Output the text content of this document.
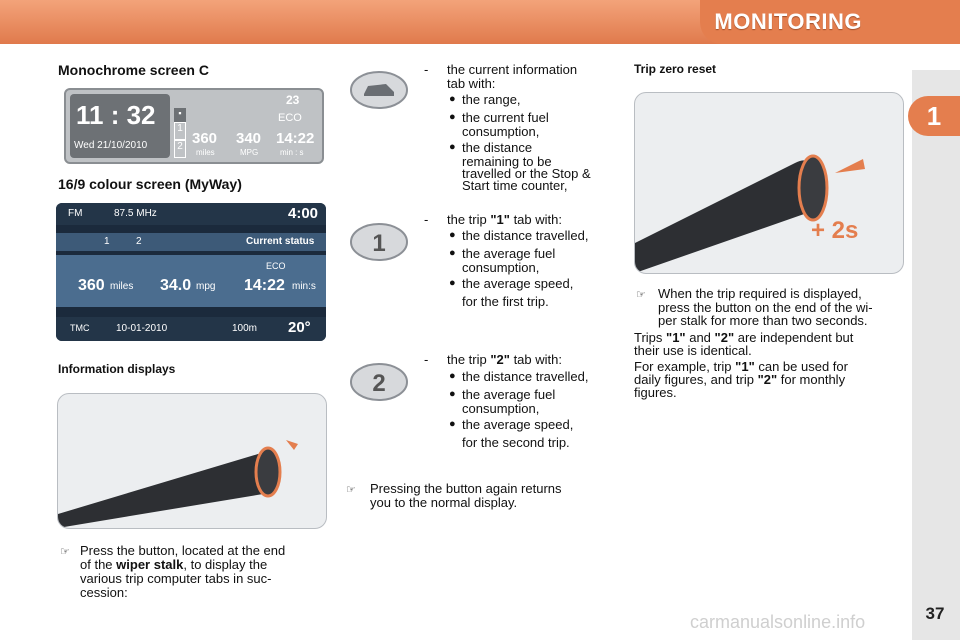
MONITORING
1
37
Monochrome screen C
11 : 32
Wed 21/10/2010
23
▪
1
2
ECO
360
miles
340
MPG
14:22
min : s
16/9 colour screen (MyWay)
FM	87.5 MHz	4:00
1	2	Current status
ECO
360 miles 34.0 mpg 14:22 min:s
TMC	10-01-2010	100m 20°
Information displays
☞ Press the button, located at the end
of the wiper stalk, to display the
various trip computer tabs in suc-
cession:
- the current information
tab with:
● the range,
● the current fuel
consumption,
● the distance
remaining to be
travelled or the Stop &
Start time counter,
1
- the trip "1" tab with:
● the distance travelled,
● the average fuel
consumption,
● the average speed,
for the first trip.
2
- the trip "2" tab with:
● the distance travelled,
● the average fuel
consumption,
● the average speed,
for the second trip.
☞ Pressing the button again returns
you to the normal display.
Trip zero reset
+ 2s
☞ When the trip required is displayed,
press the button on the end of the wi-
per stalk for more than two seconds.
Trips "1" and "2" are independent but
their use is identical.
For example, trip "1" can be used for
daily figures, and trip "2" for monthly
figures.
carmanualsonline.info
